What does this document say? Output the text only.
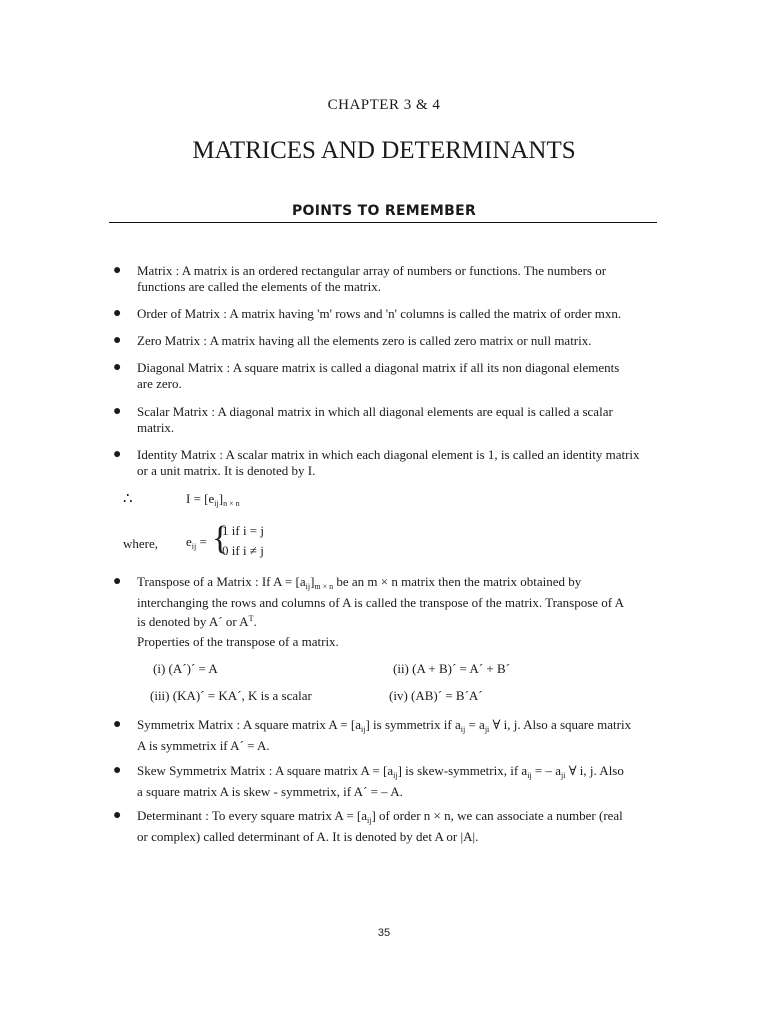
CHAPTER 3 & 4
MATRICES AND DETERMINANTS
POINTS TO REMEMBER
● Matrix : A matrix is an ordered rectangular array of numbers or functions. The numbers or
functions are called the elements of the matrix.
● Order of Matrix : A matrix having 'm' rows and 'n' columns is called the matrix of order mxn.
● Zero Matrix : A matrix having all the elements zero is called zero matrix or null matrix.
● Diagonal Matrix : A square matrix is called a diagonal matrix if all its non diagonal elements
are zero.
● Scalar Matrix : A diagonal matrix in which all diagonal elements are equal is called a scalar
matrix.
● Identity Matrix : A scalar matrix in which each diagonal element is 1, is called an identity matrix
or a unit matrix. It is denoted by I.
∴	$I = [e_{ij}]_{n \times n}$
where, $e_{ij}$ = {
1 if i = j
0 if i ≠ j
● Transpose of a Matrix : If $A = [a_{ij}]_{m \times n}$ be an m × n matrix then the matrix obtained by
interchanging the rows and columns of A is called the transpose of the matrix. Transpose of A
is denoted by A´ or $A^T$.
Properties of the transpose of a matrix.
(i) (A´)´ = A	(ii) (A + B)´ = A´ + B´
(iii) (KA)´ = KA´, K is a scalar	(iv) (AB)´ = B´A´
● Symmetrix Matrix : A square matrix $A = [a_{ij}]$ is symmetrix if $a_{ij} = a_{ji}$ ∀ i, j. Also a square matrix
A is symmetrix if A´ = A.
● Skew Symmetrix Matrix : A square matrix $A = [a_{ij}]$ is skew-symmetrix, if $a_{ij}$ = – $a_{ji}$ ∀ i, j. Also
a square matrix A is skew - symmetrix, if A´ = – A.
● Determinant : To every square matrix $A = [a_{ij}]$ of order n × n, we can associate a number (real
or complex) called determinant of A. It is denoted by det A or |A|.
35
